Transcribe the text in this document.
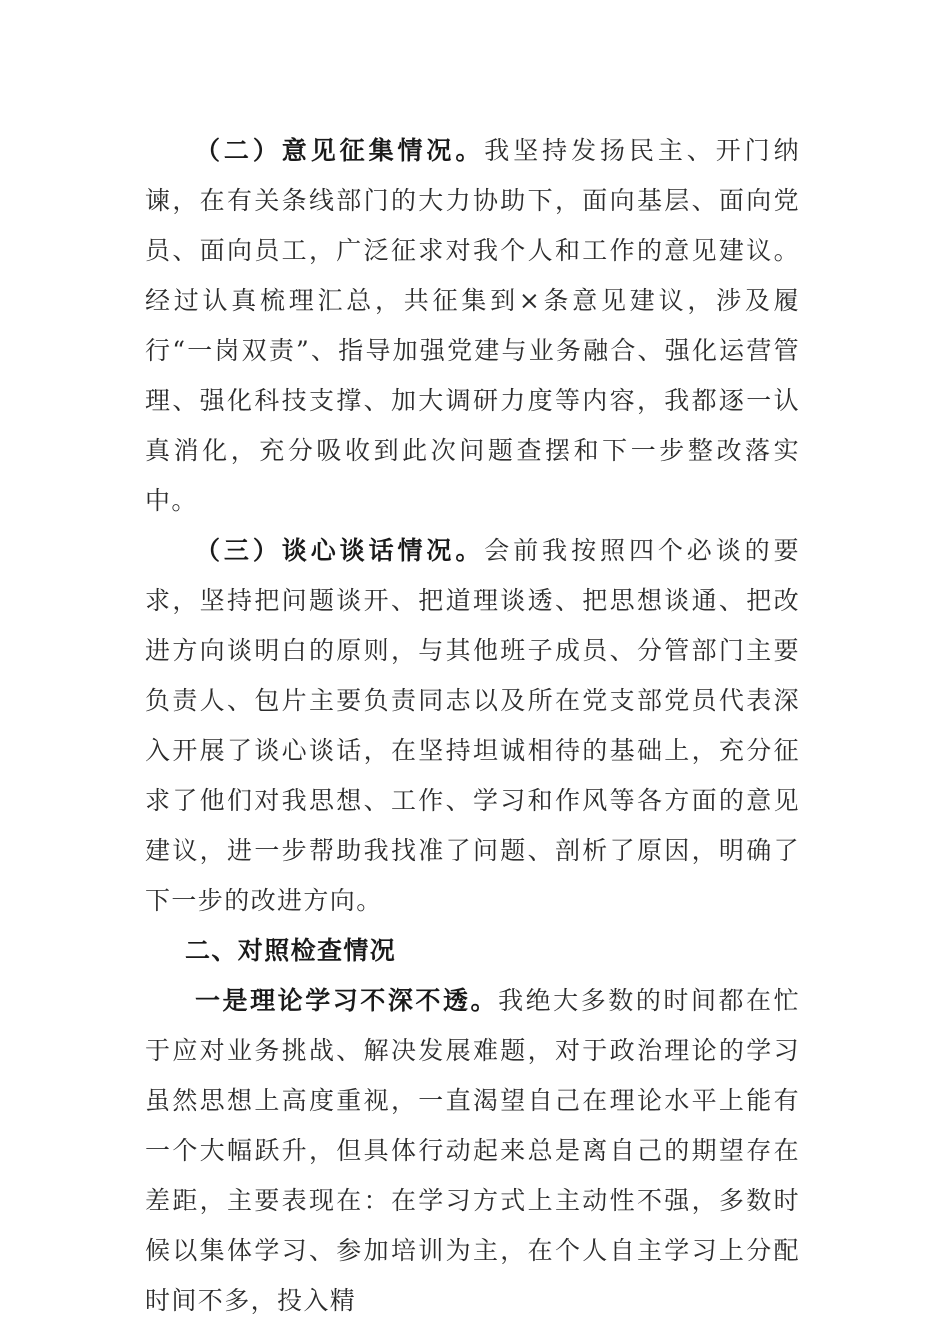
（二）意见征集情况。我坚持发扬民主、开门纳谏，在有关条线部门的大力协助下，面向基层、面向党员、面向员工，广泛征求对我个人和工作的意见建议。经过认真梳理汇总，共征集到×条意见建议，涉及履行“一岗双责”、指导加强党建与业务融合、强化运营管理、强化科技支撑、加大调研力度等内容，我都逐一认真消化，充分吸收到此次问题查摆和下一步整改落实中。

（三）谈心谈话情况。会前我按照四个必谈的要求，坚持把问题谈开、把道理谈透、把思想谈通、把改进方向谈明白的原则，与其他班子成员、分管部门主要负责人、包片主要负责同志以及所在党支部党员代表深入开展了谈心谈话，在坚持坦诚相待的基础上，充分征求了他们对我思想、工作、学习和作风等各方面的意见建议，进一步帮助我找准了问题、剖析了原因，明确了下一步的改进方向。

二、对照检查情况

一是理论学习不深不透。我绝大多数的时间都在忙于应对业务挑战、解决发展难题，对于政治理论的学习虽然思想上高度重视，一直渴望自己在理论水平上能有一个大幅跃升，但具体行动起来总是离自己的期望存在差距，主要表现在：在学习方式上主动性不强，多数时候以集体学习、参加培训为主，在个人自主学习上分配时间不多，投入精
